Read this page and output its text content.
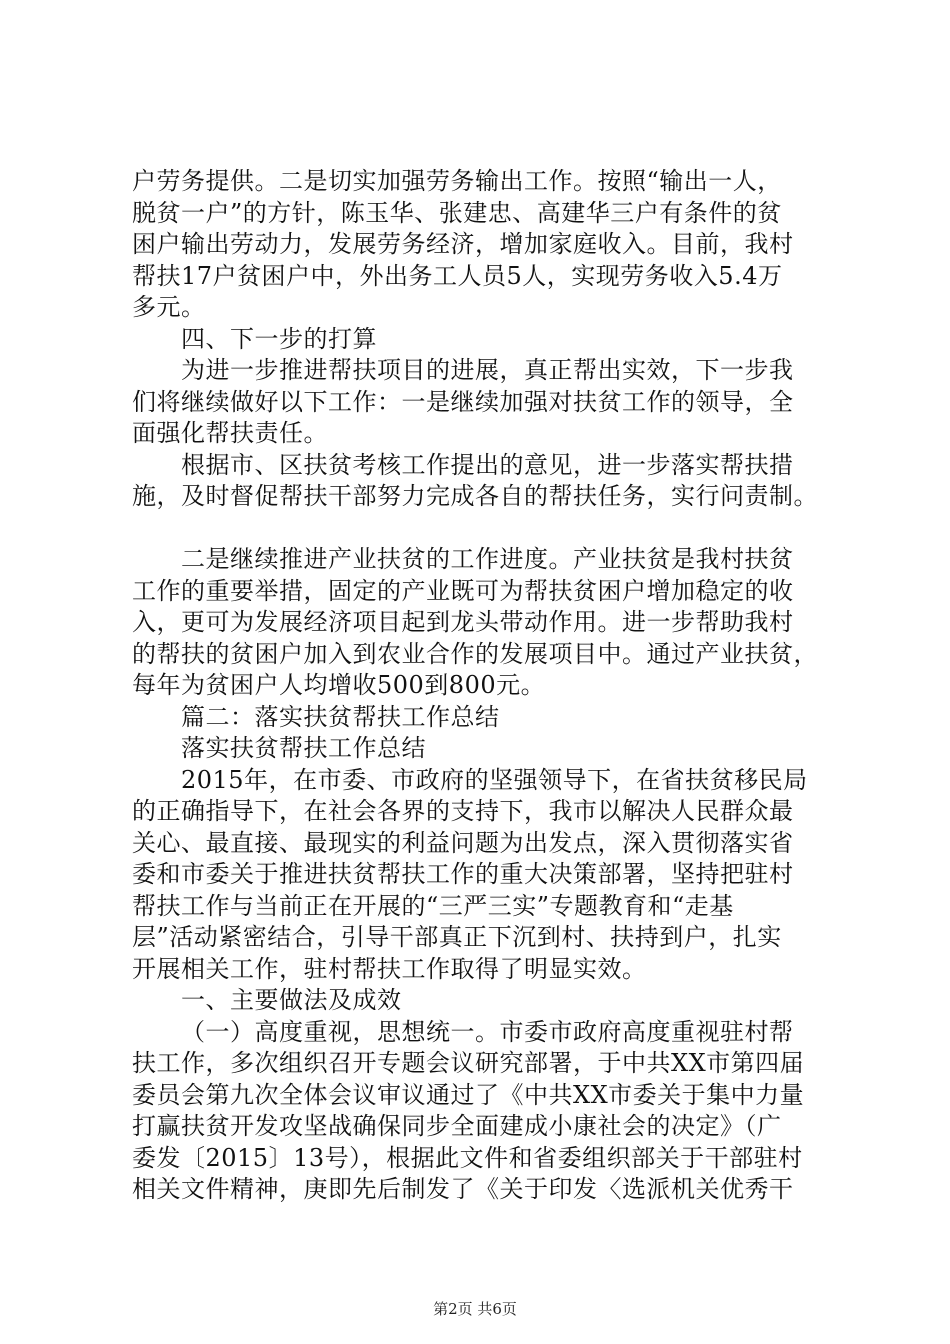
户劳务提供。二是切实加强劳务输出工作。按照“输出一人，
脱贫一户”的方针，陈玉华、张建忠、高建华三户有条件的贫
困户输出劳动力，发展劳务经济，增加家庭收入。目前，我村
帮扶17户贫困户中，外出务工人员5人，实现劳务收入5.4万
多元。
四、下一步的打算
为进一步推进帮扶项目的进展，真正帮出实效，下一步我
们将继续做好以下工作：一是继续加强对扶贫工作的领导，全
面强化帮扶责任。
根据市、区扶贫考核工作提出的意见，进一步落实帮扶措
施，及时督促帮扶干部努力完成各自的帮扶任务，实行问责制。
二是继续推进产业扶贫的工作进度。产业扶贫是我村扶贫
工作的重要举措，固定的产业既可为帮扶贫困户增加稳定的收
入，更可为发展经济项目起到龙头带动作用。进一步帮助我村
的帮扶的贫困户加入到农业合作的发展项目中。通过产业扶贫，
每年为贫困户人均增收500到800元。
篇二：落实扶贫帮扶工作总结
落实扶贫帮扶工作总结
2015年，在市委、市政府的坚强领导下，在省扶贫移民局
的正确指导下，在社会各界的支持下，我市以解决人民群众最
关心、最直接、最现实的利益问题为出发点，深入贯彻落实省
委和市委关于推进扶贫帮扶工作的重大决策部署，坚持把驻村
帮扶工作与当前正在开展的“三严三实”专题教育和“走基
层”活动紧密结合，引导干部真正下沉到村、扶持到户，扎实
开展相关工作，驻村帮扶工作取得了明显实效。
一、主要做法及成效
（一）高度重视，思想统一。市委市政府高度重视驻村帮
扶工作，多次组织召开专题会议研究部署，于中共XX市第四届
委员会第九次全体会议审议通过了《中共XX市委关于集中力量
打赢扶贫开发攻坚战确保同步全面建成小康社会的决定》（广
委发〔2015〕13号），根据此文件和省委组织部关于干部驻村
相关文件精神，庚即先后制发了《关于印发〈选派机关优秀干
第2页 共6页
